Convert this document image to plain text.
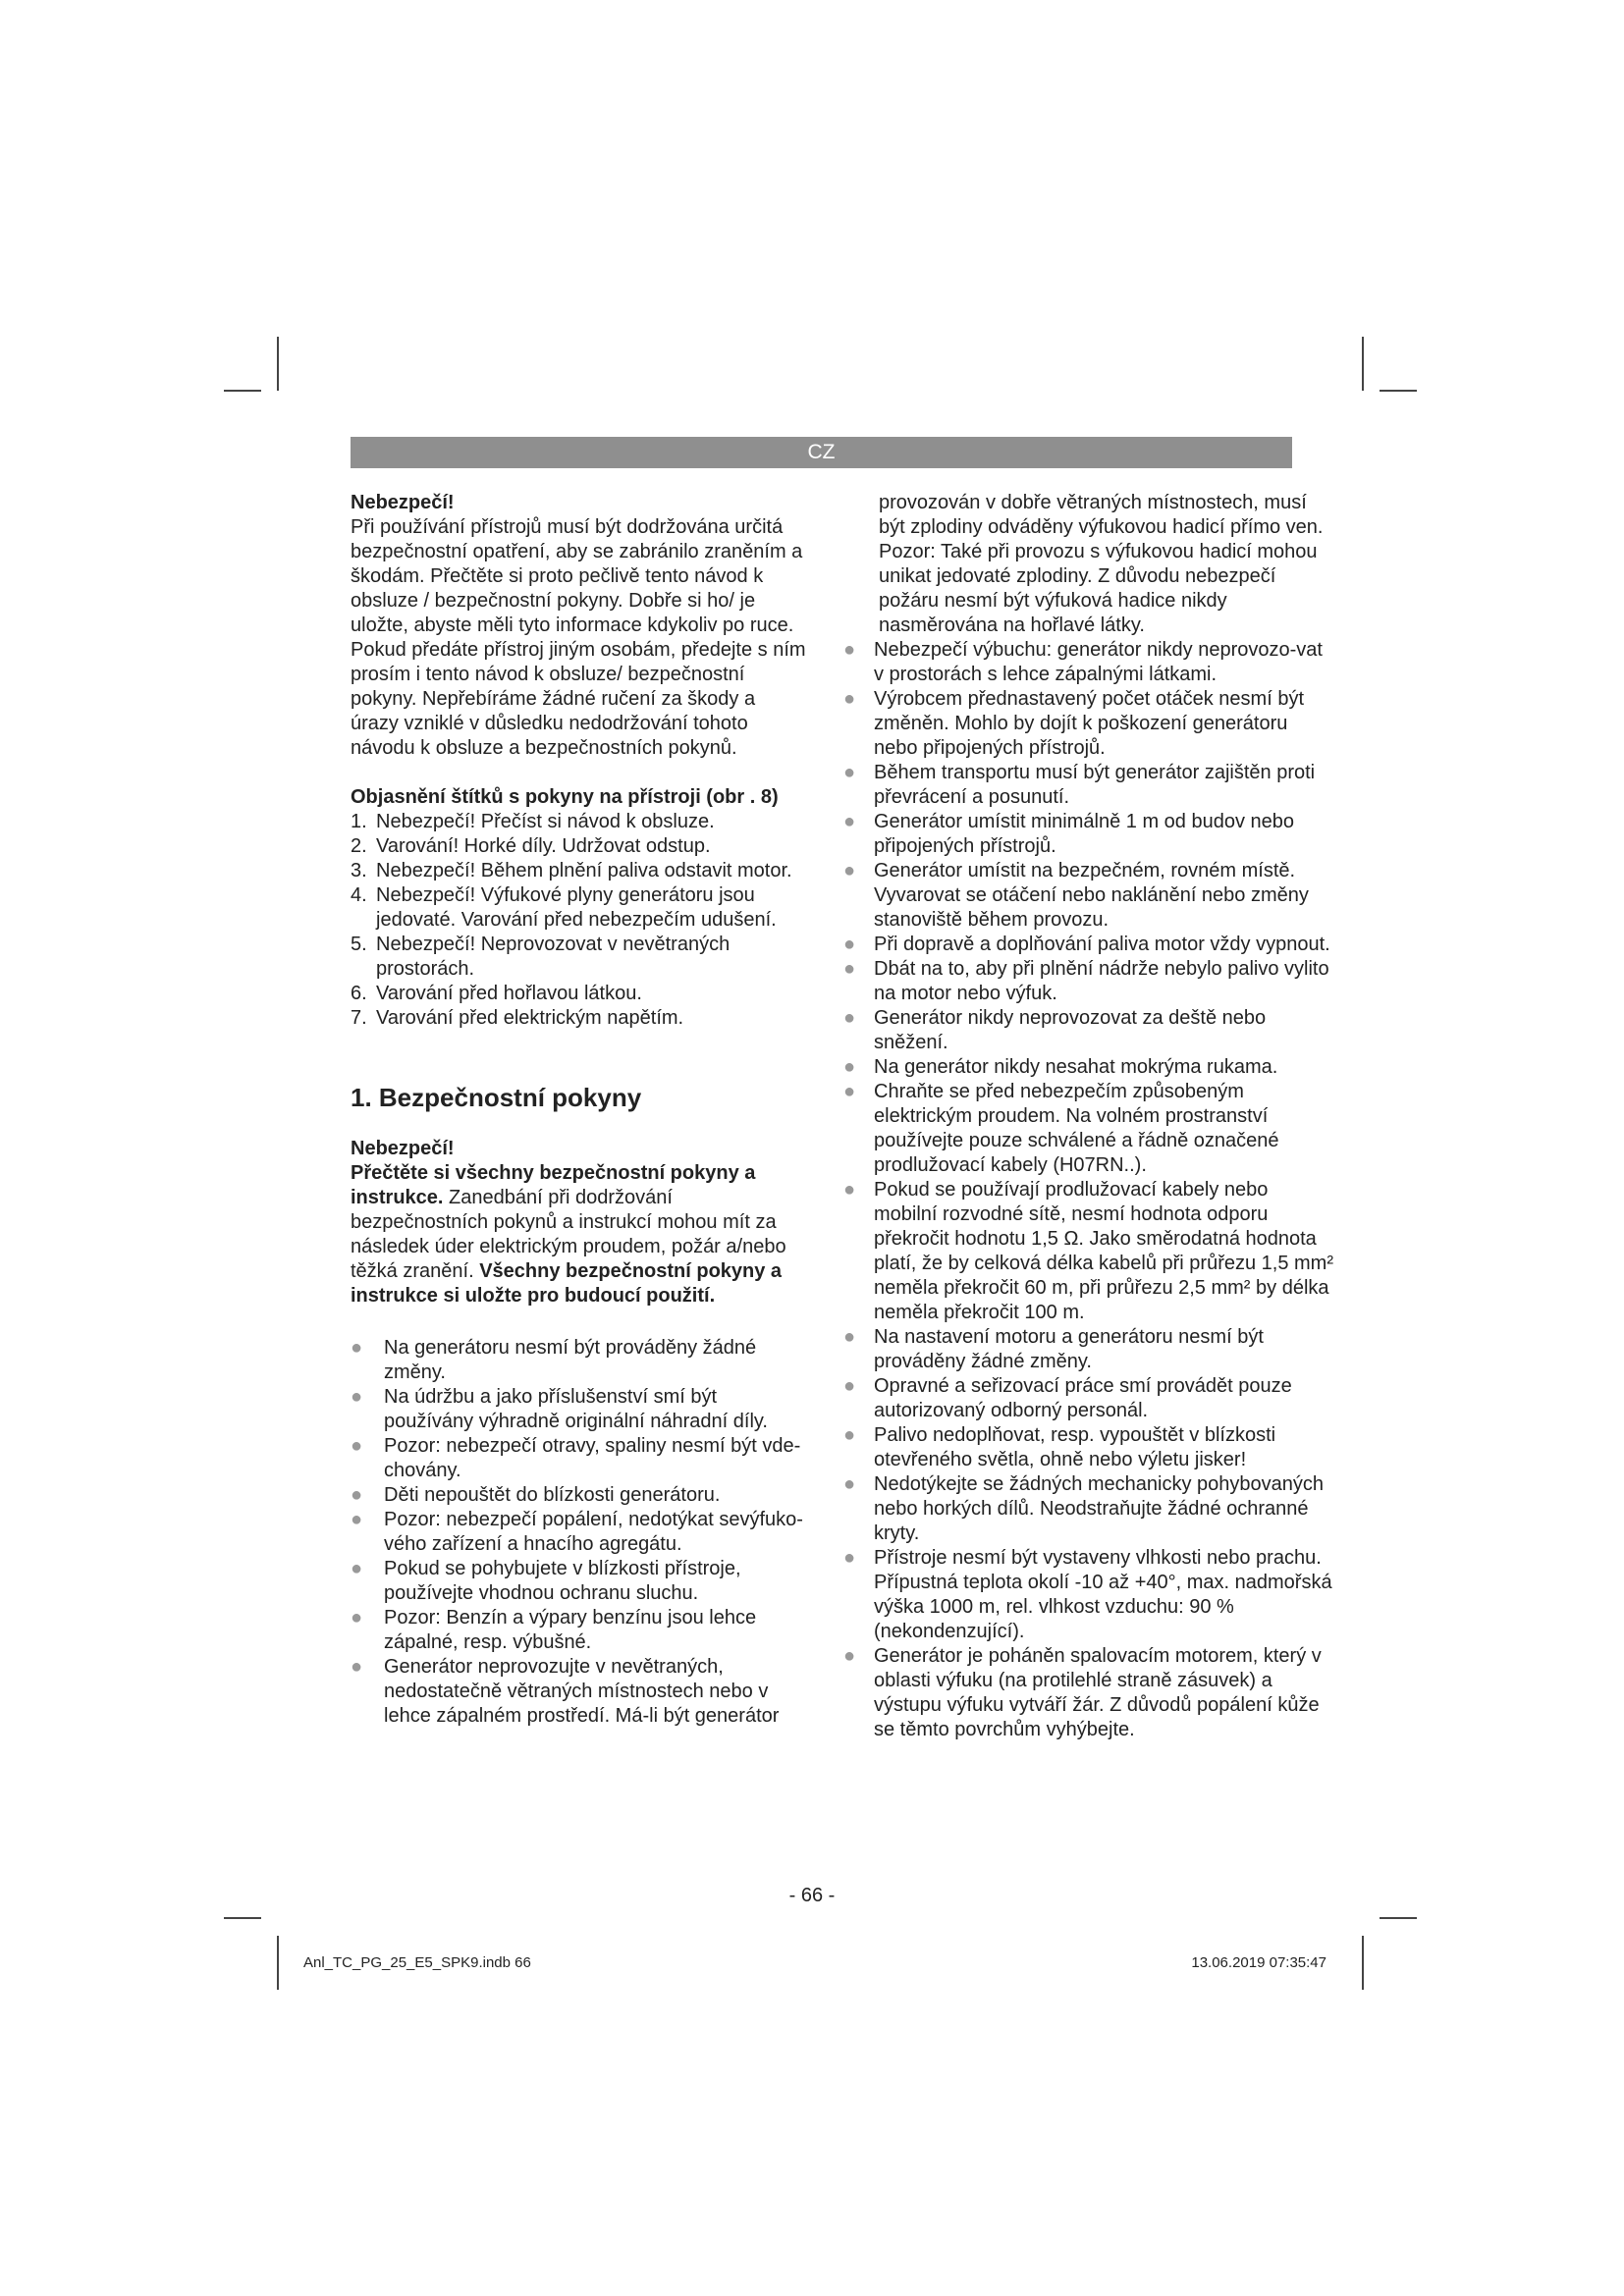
CZ

Nebezpečí!

Při používání přístrojů musí být dodržována určitá bezpečnostní opatření, aby se zabránilo zraněním a škodám. Přečtěte si proto pečlivě tento návod k obsluze / bezpečnostní pokyny. Dobře si ho/ je uložte, abyste měli tyto informace kdykoliv po ruce. Pokud předáte přístroj jiným osobám, předejte s ním prosím i tento návod k obsluze/ bezpečnostní pokyny. Nepřebíráme žádné ručení za škody a úrazy vzniklé v důsledku nedodržování tohoto návodu k obsluze a bezpečnostních pokynů.

Objasnění štítků s pokyny na přístroji (obr . 8)

1. Nebezpečí! Přečíst si návod k obsluze.
2. Varování! Horké díly. Udržovat odstup.
3. Nebezpečí! Během plnění paliva odstavit motor.
4. Nebezpečí! Výfukové plyny generátoru jsou jedovaté. Varování před nebezpečím udušení.
5. Nebezpečí! Neprovozovat v nevětraných prostorách.
6. Varování před hořlavou látkou.
7. Varování před elektrickým napětím.
1. Bezpečnostní pokyny

Nebezpečí!

Přečtěte si všechny bezpečnostní pokyny a instrukce. Zanedbání při dodržování bezpečnostních pokynů a instrukcí mohou mít za následek úder elektrickým proudem, požár a/nebo těžká zranění. Všechny bezpečnostní pokyny a instrukce si uložte pro budoucí použití.

●	Na generátoru nesmí být prováděny žádné změny.
●	Na údržbu a jako příslušenství smí být používány výhradně originální náhradní díly.
●	Pozor: nebezpečí otravy, spaliny nesmí být vde-chovány.
●	Děti nepouštět do blízkosti generátoru.
●	Pozor: nebezpečí popálení, nedotýkat sevýfuko-vého zařízení a hnacího agregátu.
●	Pokud se pohybujete v blízkosti přístroje, používejte vhodnou ochranu sluchu.
●	Pozor: Benzín a výpary benzínu jsou lehce zápalné, resp. výbušné.
●	Generátor neprovozujte v nevětraných, nedostatečně větraných místnostech nebo v lehce zápalném prostředí. Má-li být generátor

provozován v dobře větraných místnostech, musí být zplodiny odváděny výfukovou hadicí přímo ven. Pozor: Také při provozu s výfukovou hadicí mohou unikat jedovaté zplodiny. Z důvodu nebezpečí požáru nesmí být výfuková hadice nikdy nasměrována na hořlavé látky.

● Nebezpečí výbuchu: generátor nikdy neprovozo-vat v prostorách s lehce zápalnými látkami.
● Výrobcem přednastavený počet otáček nesmí být změněn. Mohlo by dojít k poškození generátoru nebo připojených přístrojů.
● Během transportu musí být generátor zajištěn proti převrácení a posunutí.
● Generátor umístit minimálně 1 m od budov nebo připojených přístrojů.
● Generátor umístit na bezpečném, rovném místě. Vyvarovat se otáčení nebo naklánění nebo změny stanoviště během provozu.
● Při dopravě a doplňování paliva motor vždy vypnout.
● Dbát na to, aby při plnění nádrže nebylo palivo vylito na motor nebo výfuk.
● Generátor nikdy neprovozovat za deště nebo sněžení.
● Na generátor nikdy nesahat mokrýma rukama.
● Chraňte se před nebezpečím způsobeným elektrickým proudem. Na volném prostranství používejte pouze schválené a řádně označené prodlužovací kabely (H07RN..).
● Pokud se používají prodlužovací kabely nebo mobilní rozvodné sítě, nesmí hodnota odporu překročit hodnotu 1,5 Ω. Jako směrodatná hodnota platí, že by celková délka kabelů při průřezu 1,5 mm² neměla překročit 60 m, při průřezu 2,5 mm² by délka neměla překročit 100 m.
● Na nastavení motoru a generátoru nesmí být prováděny žádné změny.
● Opravné a seřizovací práce smí provádět pouze autorizovaný odborný personál.
● Palivo nedoplňovat, resp. vypouštět v blízkosti otevřeného světla, ohně nebo výletu jisker!
● Nedotýkejte se žádných mechanicky pohybovaných nebo horkých dílů. Neodstraňujte žádné ochranné kryty.
● Přístroje nesmí být vystaveny vlhkosti nebo prachu. Přípustná teplota okolí -10 až +40°, max. nadmořská výška 1000 m, rel. vlhkost vzduchu: 90 % (nekondenzující).
● Generátor je poháněn spalovacím motorem, který v oblasti výfuku (na protilehlé straně zásuvek) a výstupu výfuku vytváří žár. Z důvodů popálení kůže se těmto povrchům vyhýbejte.
- 66 -
Anl_TC_PG_25_E5_SPK9.indb 66	13.06.2019 07:35:47
